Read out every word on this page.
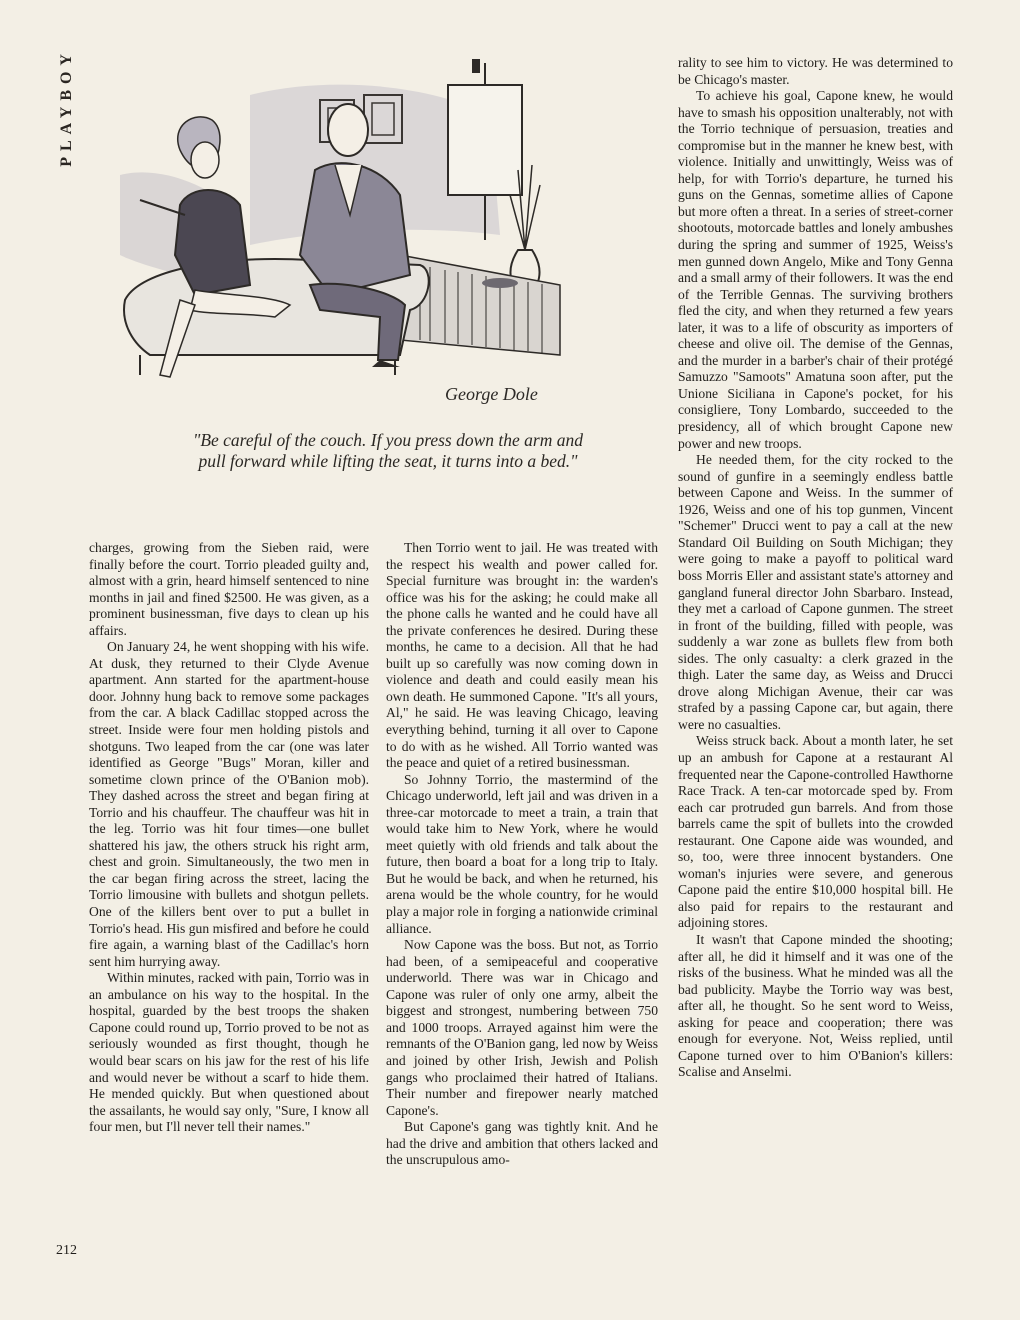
PLAYBOY
George Dole
"Be careful of the couch. If you press down the arm and pull forward while lifting the seat, it turns into a bed."

charges, growing from the Sieben raid, were finally before the court. Torrio pleaded guilty and, almost with a grin, heard himself sentenced to nine months in jail and fined $2500. He was given, as a prominent businessman, five days to clean up his affairs.

On January 24, he went shopping with his wife. At dusk, they returned to their Clyde Avenue apartment. Ann started for the apartment-house door. Johnny hung back to remove some packages from the car. A black Cadillac stopped across the street. Inside were four men holding pistols and shotguns. Two leaped from the car (one was later identified as George "Bugs" Moran, killer and sometime clown prince of the O'Banion mob). They dashed across the street and began firing at Torrio and his chauffeur. The chauffeur was hit in the leg. Torrio was hit four times—one bullet shattered his jaw, the others struck his right arm, chest and groin. Simultaneously, the two men in the car began firing across the street, lacing the Torrio limousine with bullets and shotgun pellets. One of the killers bent over to put a bullet in Torrio's head. His gun misfired and before he could fire again, a warning blast of the Cadillac's horn sent him hurrying away.

Within minutes, racked with pain, Torrio was in an ambulance on his way to the hospital. In the hospital, guarded by the best troops the shaken Capone could round up, Torrio proved to be not as seriously wounded as first thought, though he would bear scars on his jaw for the rest of his life and would never be without a scarf to hide them. He mended quickly. But when questioned about the assailants, he would say only, "Sure, I know all four men, but I'll never tell their names."

Then Torrio went to jail. He was treated with the respect his wealth and power called for. Special furniture was brought in: the warden's office was his for the asking; he could make all the phone calls he wanted and he could have all the private conferences he desired. During these months, he came to a decision. All that he had built up so carefully was now coming down in violence and death and could easily mean his own death. He summoned Capone. "It's all yours, Al," he said. He was leaving Chicago, leaving everything behind, turning it all over to Capone to do with as he wished. All Torrio wanted was the peace and quiet of a retired businessman.

So Johnny Torrio, the mastermind of the Chicago underworld, left jail and was driven in a three-car motorcade to meet a train, a train that would take him to New York, where he would meet quietly with old friends and talk about the future, then board a boat for a long trip to Italy. But he would be back, and when he returned, his arena would be the whole country, for he would play a major role in forging a nationwide criminal alliance.

Now Capone was the boss. But not, as Torrio had been, of a semipeaceful and cooperative underworld. There was war in Chicago and Capone was ruler of only one army, albeit the biggest and strongest, numbering between 750 and 1000 troops. Arrayed against him were the remnants of the O'Banion gang, led now by Weiss and joined by other Irish, Jewish and Polish gangs who proclaimed their hatred of Italians. Their number and firepower nearly matched Capone's.

But Capone's gang was tightly knit. And he had the drive and ambition that others lacked and the unscrupulous amo-

rality to see him to victory. He was determined to be Chicago's master.

To achieve his goal, Capone knew, he would have to smash his opposition unalterably, not with the Torrio technique of persuasion, treaties and compromise but in the manner he knew best, with violence. Initially and unwittingly, Weiss was of help, for with Torrio's departure, he turned his guns on the Gennas, sometime allies of Capone but more often a threat. In a series of street-corner shootouts, motorcade battles and lonely ambushes during the spring and summer of 1925, Weiss's men gunned down Angelo, Mike and Tony Genna and a small army of their followers. It was the end of the Terrible Gennas. The surviving brothers fled the city, and when they returned a few years later, it was to a life of obscurity as importers of cheese and olive oil. The demise of the Gennas, and the murder in a barber's chair of their protégé Samuzzo "Samoots" Amatuna soon after, put the Unione Siciliana in Capone's pocket, for his consigliere, Tony Lombardo, succeeded to the presidency, all of which brought Capone new power and new troops.

He needed them, for the city rocked to the sound of gunfire in a seemingly endless battle between Capone and Weiss. In the summer of 1926, Weiss and one of his top gunmen, Vincent "Schemer" Drucci went to pay a call at the new Standard Oil Building on South Michigan; they were going to make a payoff to political ward boss Morris Eller and assistant state's attorney and gangland funeral director John Sbarbaro. Instead, they met a carload of Capone gunmen. The street in front of the building, filled with people, was suddenly a war zone as bullets flew from both sides. The only casualty: a clerk grazed in the thigh. Later the same day, as Weiss and Drucci drove along Michigan Avenue, their car was strafed by a passing Capone car, but again, there were no casualties.

Weiss struck back. About a month later, he set up an ambush for Capone at a restaurant Al frequented near the Capone-controlled Hawthorne Race Track. A ten-car motorcade sped by. From each car protruded gun barrels. And from those barrels came the spit of bullets into the crowded restaurant. One Capone aide was wounded, and so, too, were three innocent bystanders. One woman's injuries were severe, and generous Capone paid the entire $10,000 hospital bill. He also paid for repairs to the restaurant and adjoining stores.

It wasn't that Capone minded the shooting; after all, he did it himself and it was one of the risks of the business. What he minded was all the bad publicity. Maybe the Torrio way was best, after all, he thought. So he sent word to Weiss, asking for peace and cooperation; there was enough for everyone. Not, Weiss replied, until Capone turned over to him O'Banion's killers: Scalise and Anselmi.

212
